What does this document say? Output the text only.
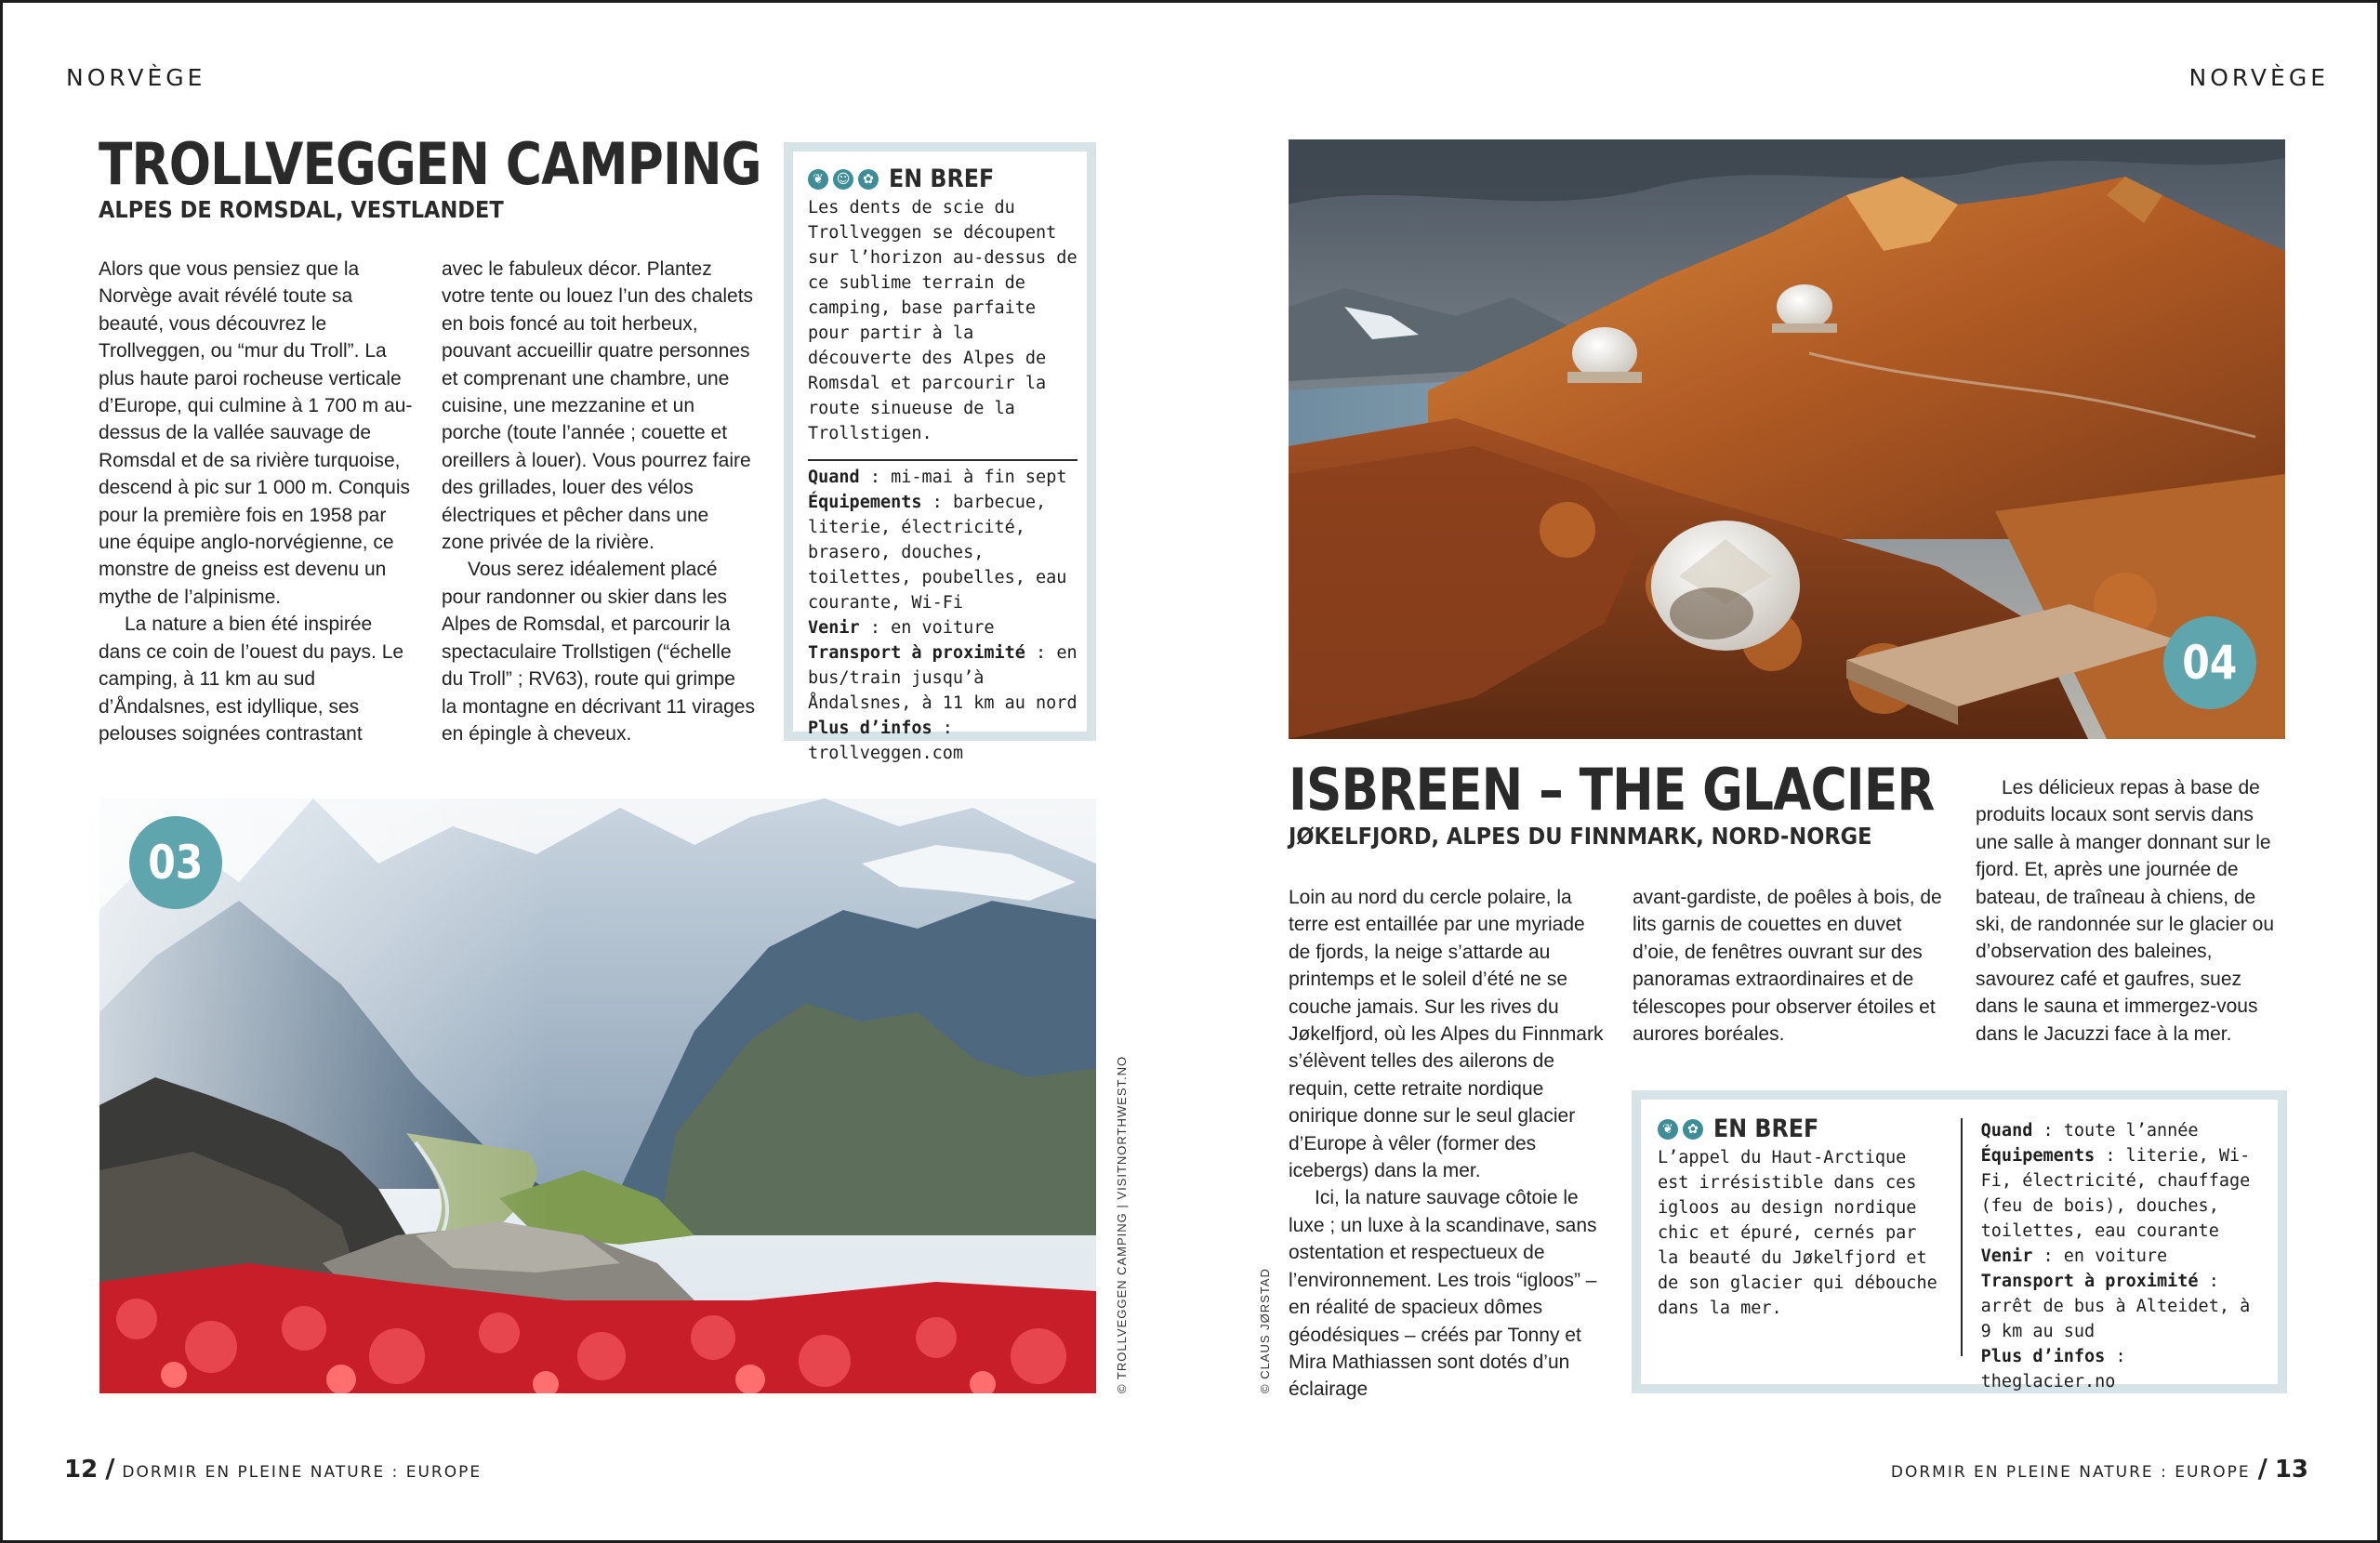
NORVÈGE
TROLLVEGGEN CAMPING
ALPES DE ROMSDAL, VESTLANDET

Alors que vous pensiez que la Norvège avait révélé toute sa beauté, vous découvrez le Trollveggen, ou “mur du Troll”. La plus haute paroi rocheuse verticale d’Europe, qui culmine à 1 700 m au-dessus de la vallée sauvage de Romsdal et de sa rivière turquoise, descend à pic sur 1 000 m. Conquis pour la première fois en 1958 par une équipe anglo-norvégienne, ce monstre de gneiss est devenu un mythe de l’alpinisme.

La nature a bien été inspirée dans ce coin de l’ouest du pays. Le camping, à 11 km au sud d’Åndalsnes, est idyllique, ses pelouses soignées contrastant

avec le fabuleux décor. Plantez votre tente ou louez l’un des chalets en bois foncé au toit herbeux, pouvant accueillir quatre personnes et comprenant une chambre, une cuisine, une mezzanine et un porche (toute l’année ; couette et oreillers à louer). Vous pourrez faire des grillades, louer des vélos électriques et pêcher dans une zone privée de la rivière.

Vous serez idéalement placé pour randonner ou skier dans les Alpes de Romsdal, et parcourir la spectaculaire Trollstigen (“échelle du Troll” ; RV63), route qui grimpe la montagne en décrivant 11 virages en épingle à cheveux.

❦ ☺ ✿ EN BREF
Les dents de scie du Trollveggen se découpent sur l’horizon au-dessus de ce sublime terrain de camping, base parfaite pour partir à la découverte des Alpes de Romsdal et parcourir la route sinueuse de la Trollstigen.

Quand : mi-mai à fin sept

Équipements : barbecue, literie, électricité, brasero, douches, toilettes, poubelles, eau courante, Wi-Fi

Venir : en voiture

Transport à proximité : en bus/train jusqu’à Åndalsnes, à 11 km au nord

Plus d’infos :
trollveggen.com

03
© TROLLVEGGEN CAMPING | VISITNORTHWEST.NO
12 / DORMIR EN PLEINE NATURE : EUROPE
NORVÈGE
04
© CLAUS JØRSTAD
ISBREEN – THE GLACIER
JØKELFJORD, ALPES DU FINNMARK, NORD-NORGE

Loin au nord du cercle polaire, la terre est entaillée par une myriade de fjords, la neige s’attarde au printemps et le soleil d’été ne se couche jamais. Sur les rives du Jøkelfjord, où les Alpes du Finnmark s’élèvent telles des ailerons de requin, cette retraite nordique onirique donne sur le seul glacier d’Europe à vêler (former des icebergs) dans la mer.

Ici, la nature sauvage côtoie le luxe ; un luxe à la scandinave, sans ostentation et respectueux de l’environnement. Les trois “igloos” – en réalité de spacieux dômes géodésiques – créés par Tonny et Mira Mathiassen sont dotés d’un éclairage

avant-gardiste, de poêles à bois, de lits garnis de couettes en duvet d’oie, de fenêtres ouvrant sur des panoramas extraordinaires et de télescopes pour observer étoiles et aurores boréales.

Les délicieux repas à base de produits locaux sont servis dans une salle à manger donnant sur le fjord. Et, après une journée de bateau, de traîneau à chiens, de ski, de randonnée sur le glacier ou d’observation des baleines, savourez café et gaufres, suez dans le sauna et immergez-vous dans le Jacuzzi face à la mer.

❦	✿ EN BREF
L’appel du Haut-Arctique est irrésistible dans ces igloos au design nordique chic et épuré, cernés par la beauté du Jøkelfjord et de son glacier qui débouche dans la mer.

Quand : toute l’année

Équipements : literie, Wi-Fi, électricité, chauffage (feu de bois), douches, toilettes, eau courante

Venir : en voiture

Transport à proximité : arrêt de bus à Alteidet, à 9 km au sud

Plus d’infos : theglacier.no

DORMIR EN PLEINE NATURE : EUROPE / 13
